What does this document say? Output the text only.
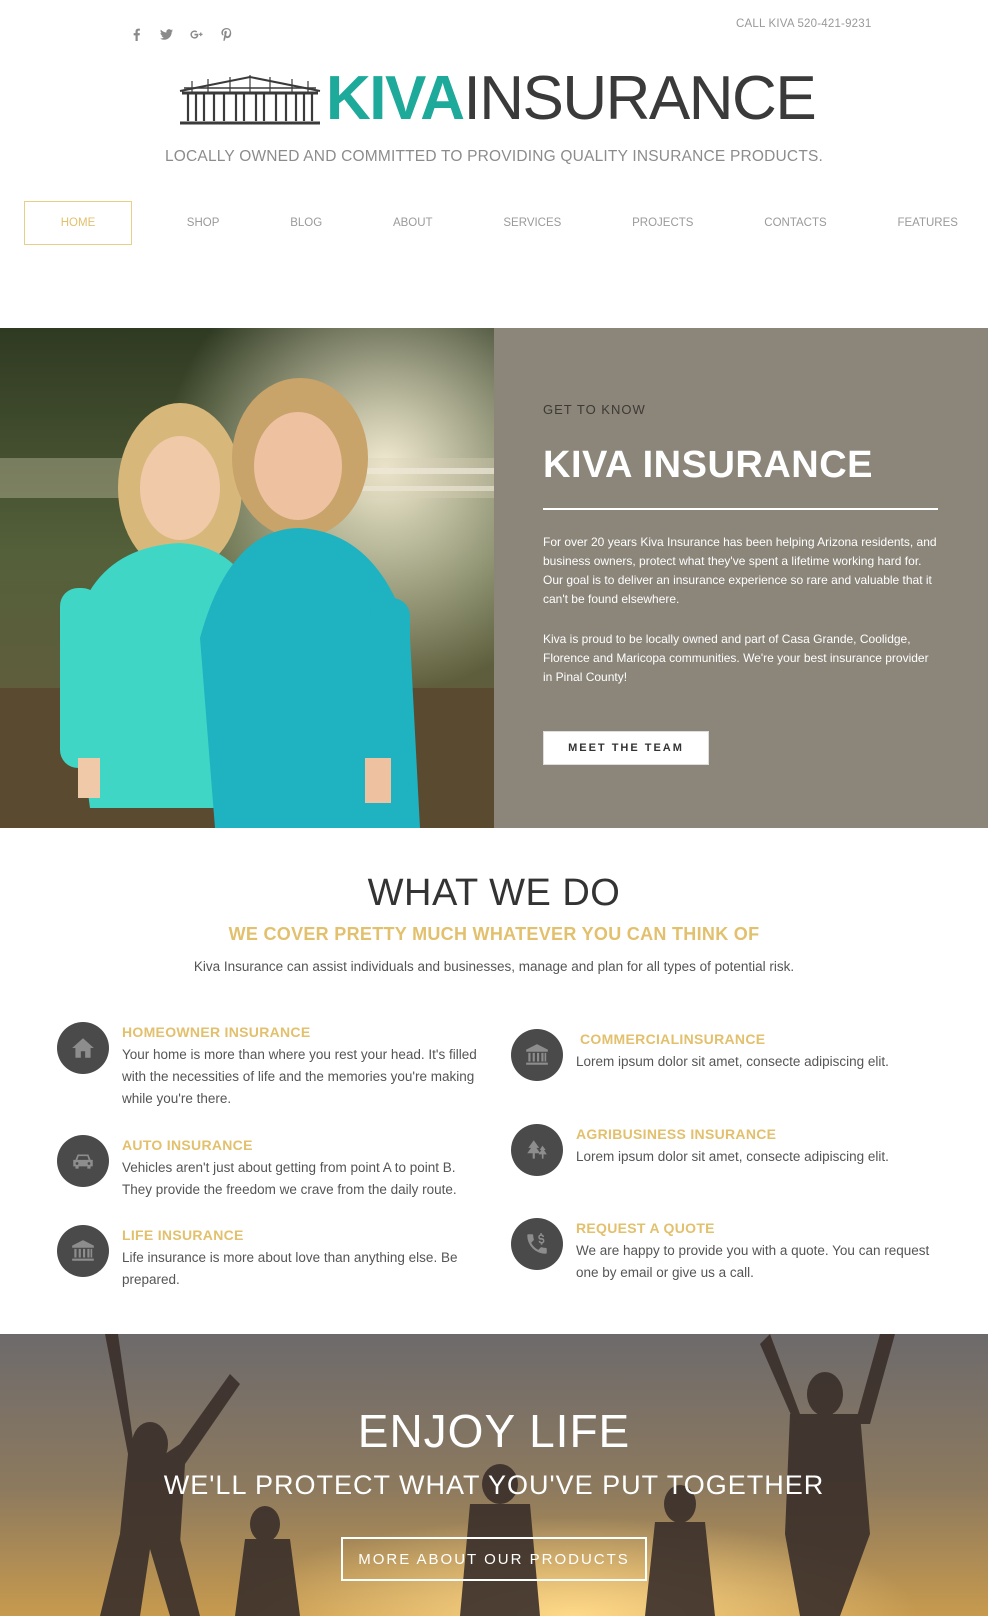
CALL KIVA 520-421-9231
KIVAINSURANCE
LOCALLY OWNED AND COMMITTED TO PROVIDING QUALITY INSURANCE PRODUCTS.
HOME	SHOP	BLOG	ABOUT	SERVICES	PROJECTS	CONTACTS	FEATURES
GET TO KNOW
KIVA INSURANCE

For over 20 years Kiva Insurance has been helping Arizona residents, and business owners, protect what they've spent a lifetime working hard for. Our goal is to deliver an insurance experience so rare and valuable that it can't be found elsewhere.

Kiva is proud to be locally owned and part of Casa Grande, Coolidge, Florence and Maricopa communities. We're your best insurance provider in Pinal County!

MEET THE TEAM
WHAT WE DO
WE COVER PRETTY MUCH WHATEVER YOU CAN THINK OF
Kiva Insurance can assist individuals and businesses, manage and plan for all types of potential risk.
HOMEOWNER INSURANCE
Your home is more than where you rest your head. It's filled with the necessities of life and the memories you're making while you're there.
AUTO INSURANCE
Vehicles aren't just about getting from point A to point B. They provide the freedom we crave from the daily route.
LIFE INSURANCE
Life insurance is more about love than anything else. Be prepared.
COMMERCIALINSURANCE
Lorem ipsum dolor sit amet, consecte adipiscing elit.
AGRIBUSINESS INSURANCE
Lorem ipsum dolor sit amet, consecte adipiscing elit.
REQUEST A QUOTE
We are happy to provide you with a quote. You can request one by email or give us a call.
ENJOY LIFE
WE'LL PROTECT WHAT YOU'VE PUT TOGETHER
MORE ABOUT OUR PRODUCTS
